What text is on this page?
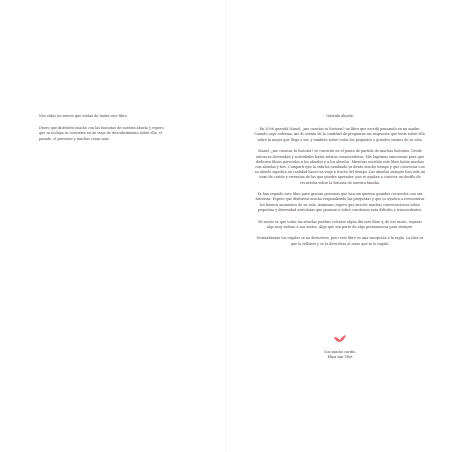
Nos vidas los nieves que estáas de hadra este libro.

Dnero que disfrutéis mucho con las historias de nuestra abuela y espero que os incluya se convierta en un viaje de descubrimiento sobre ella, el pasado, el presente y muchas cosas más.

Querida abuela:

En 2006 queridá Manel, ¿me cuentas tu historia? un libro que escribí pensando en mi madre. Cuando cayó enferma, me di cuenta de la cantidad de preguntas sin respuesta que tenía sobre ella, sobre la mujer que llegó a ser, y también sobre todos los pequeños y grandes sueños de su vida.

Manel, ¿me cuentas tu historia? se convirtió en el punto de partida de muchas historias. Desde entonces diversidad y actividades hasta relatos conmovedores. Mis lágrimas emocionan para que dedicara libros parecidos a los abuelos y a los abuelos. Mientras escribía este libro había muchas con abuelas y tíos. Compartí que la vida ha cambiado ya desde mucho tiempo y que conversar con su abuelo significa en realidad hacer un viaje a través del tiempo. Las abuelas siempre han sido un nexo de cariño y vivencias de las que puedes aprender, que te ayudan a conocer un desfile de recuerdos sobre la historia de nuestra familia.

Ya han seguido este libro para gracias personas que han sin quieren grandes recuerdos con sus historias. Espero que disfrutéis mucho respondiendo las preguntas y que os ayuden a reencontrar los buenos momentos de su vida. Asimismo espero que suscite muchas conversaciones sobre pequeñas y diversidad anécdotas que pasaron y sobre cuestiones más difíciles y trascendentes.

Mi sueño es que todas las abuelas puedan volcarse algún día este libro y, de ese modo, repasar algo muy valioso a sus nietos. Algo que sea parte de algo permanencia para siempre.

Normalmente los regalos se no devuelven, pero este libro es una excepción a la regla. La idea es que lo rellenes y se lo devuelvas al nieto que te lo regaló.

Con mucho cariño,

Elma van Vliet
